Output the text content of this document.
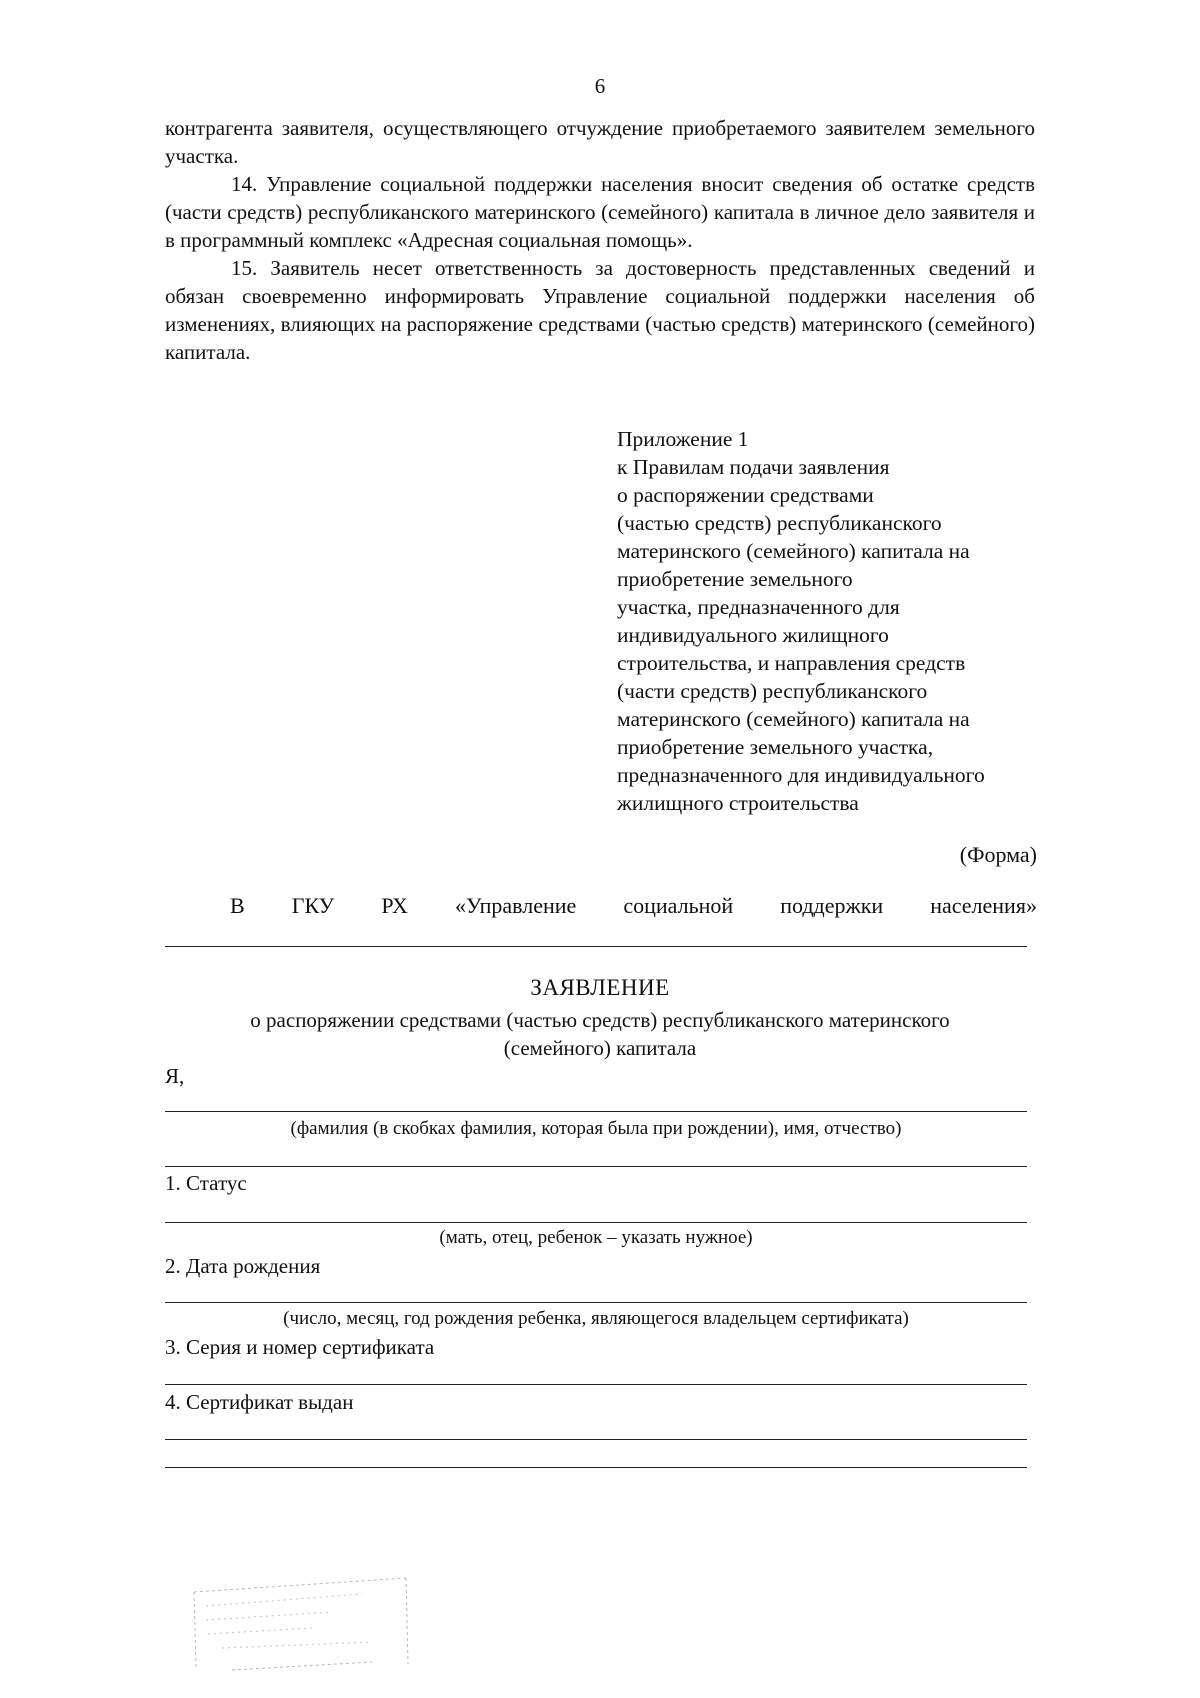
6

контрагента заявителя, осуществляющего отчуждение приобретаемого заявителем земельного участка.

14. Управление социальной поддержки населения вносит сведения об остатке средств (части средств) республиканского материнского (семейного) капитала в личное дело заявителя и в программный комплекс «Адресная социальная помощь».

15. Заявитель несет ответственность за достоверность представленных сведений и обязан своевременно информировать Управление социальной поддержки населения об изменениях, влияющих на распоряжение средствами (частью средств) материнского (семейного) капитала.

Приложение 1
к Правилам подачи заявления
о распоряжении средствами
(частью средств) республиканского
материнского (семейного) капитала на
приобретение земельного
участка, предназначенного для
индивидуального жилищного
строительства, и направления средств
(части средств) республиканского
материнского (семейного) капитала на
приобретение земельного участка,
предназначенного для индивидуального
жилищного строительства
(Форма)
В ГКУ РХ «Управление социальной поддержки населения»
ЗАЯВЛЕНИЕ
о распоряжении средствами (частью средств) республиканского материнского
(семейного) капитала
Я,
(фамилия (в скобках фамилия, которая была при рождении), имя, отчество)
1. Статус
(мать, отец, ребенок – указать нужное)
2. Дата рождения
(число, месяц, год рождения ребенка, являющегося владельцем сертификата)
3. Серия и номер сертификата
4. Сертификат выдан
